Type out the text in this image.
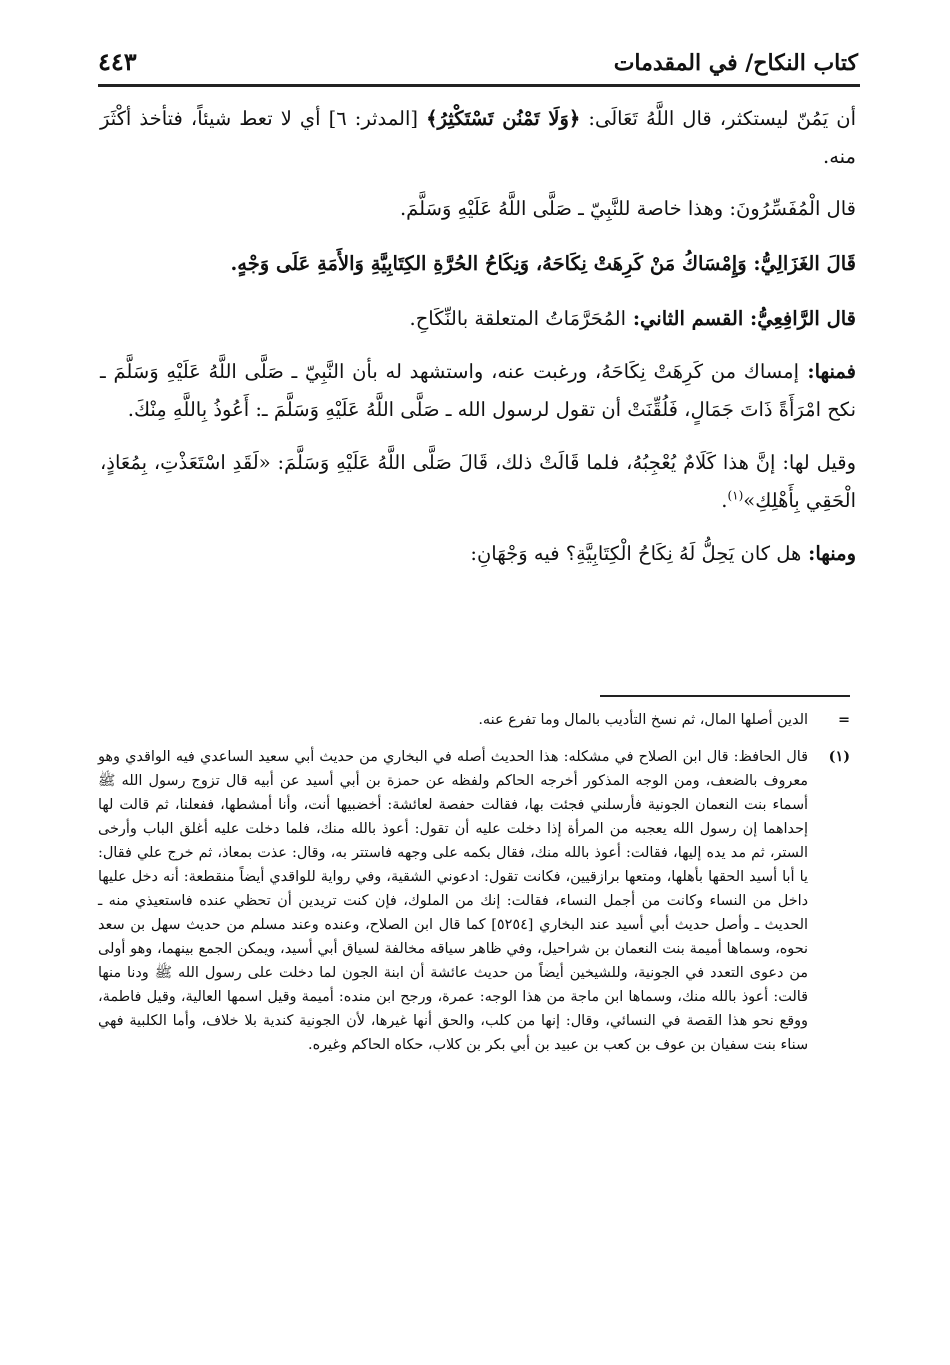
كتاب النكاح/ في المقدمات
٤٤٣

أن يَمُنّ ليستكثر، قال اللَّهُ تَعَالَى: ﴿وَلَا تَمْنُن تَسْتَكْثِرُ﴾ [المدثر: ٦] أي لا تعط شيئاً، فتأخذ أكْثَرَ منه.

قال الْمُفَسِّرُونَ: وهذا خاصة للنَّبِيّ ـ صَلَّى اللَّهُ عَلَيْهِ وَسَلَّمَ.

قَالَ الغَزَالِيُّ: وَإِمْسَاكُ مَنْ كَرِهَتْ نِكَاحَهُ، وَنِكَاحُ الحُرَّةِ الكِتَابِيَّةِ وَالأَمَةِ عَلَى وَجْهٍ.

قال الرَّافِعِيُّ: القسم الثاني: المُحَرَّمَاتُ المتعلقة بالنِّكَاحِ.

فمنها: إمساك من كَرِهَتْ نِكَاحَهُ، ورغبت عنه، واستشهد له بأن النَّبِيّ ـ صَلَّى اللَّهُ عَلَيْهِ وَسَلَّمَ ـ نكح امْرَأَةً ذَاتَ جَمَالٍ، فَلُقِّنَتْ أن تقول لرسول الله ـ صَلَّى اللَّهُ عَلَيْهِ وَسَلَّمَ ـ: أَعُوذُ بِاللَّهِ مِنْكَ.

وقيل لها: إنَّ هذا كَلَامٌ يُعْجِبُهُ، فلما قَالَتْ ذلك، قَالَ صَلَّى اللَّهُ عَلَيْهِ وَسَلَّمَ: «لَقَدِ اسْتَعَذْتِ، بِمُعَاذٍ، الْحَقِي بِأَهْلِكِ»$^{(١)}$.

ومنها: هل كان يَحِلُّ لَهُ نِكَاحُ الْكِتَابِيَّةِ؟ فيه وَجْهَانِ:

=
الدين أصلها المال، ثم نسخ التأديب بالمال وما تفرع عنه.
(١)
قال الحافظ: قال ابن الصلاح في مشكله: هذا الحديث أصله في البخاري من حديث أبي سعيد الساعدي فيه الواقدي وهو معروف بالضعف، ومن الوجه المذكور أخرجه الحاكم ولفظه عن حمزة بن أبي أسيد عن أبيه قال تزوج رسول الله ﷺ أسماء بنت النعمان الجونية فأرسلني فجئت بها، فقالت حفصة لعائشة: أخضبيها أنت، وأنا أمشطها، ففعلنا، ثم قالت لها إحداهما إن رسول الله يعجبه من المرأة إذا دخلت عليه أن تقول: أعوذ بالله منك، فلما دخلت عليه أغلق الباب وأرخى الستر، ثم مد يده إليها، فقالت: أعوذ بالله منك، فقال بكمه على وجهه فاستتر به، وقال: عذت بمعاذ، ثم خرج علي فقال: يا أبا أسيد الحقها بأهلها، ومتعها برازقيين، فكانت تقول: ادعوني الشقية، وفي رواية للواقدي أيضاً منقطعة: أنه دخل عليها داخل من النساء وكانت من أجمل النساء، فقالت: إنك من الملوك، فإن كنت تريدين أن تحظي عنده فاستعيذي منه ـ الحديث ـ وأصل حديث أبي أسيد عند البخاري [٥٢٥٤] كما قال ابن الصلاح، وعنده وعند مسلم من حديث سهل بن سعد نحوه، وسماها أميمة بنت النعمان بن شراحيل، وفي ظاهر سياقه مخالفة لسياق أبي أسيد، ويمكن الجمع بينهما، وهو أولى من دعوى التعدد في الجونية، وللشيخين أيضاً من حديث عائشة أن ابنة الجون لما دخلت على رسول الله ﷺ ودنا منها قالت: أعوذ بالله منك، وسماها ابن ماجة من هذا الوجه: عمرة، ورجح ابن منده: أميمة وقيل اسمها العالية، وقيل فاطمة، ووقع نحو هذا القصة في النسائي، وقال: إنها من كلب، والحق أنها غيرها، لأن الجونية كندية بلا خلاف، وأما الكلبية فهي سناء بنت سفيان بن عوف بن كعب بن عبيد بن أبي بكر بن كلاب، حكاه الحاكم وغيره.
